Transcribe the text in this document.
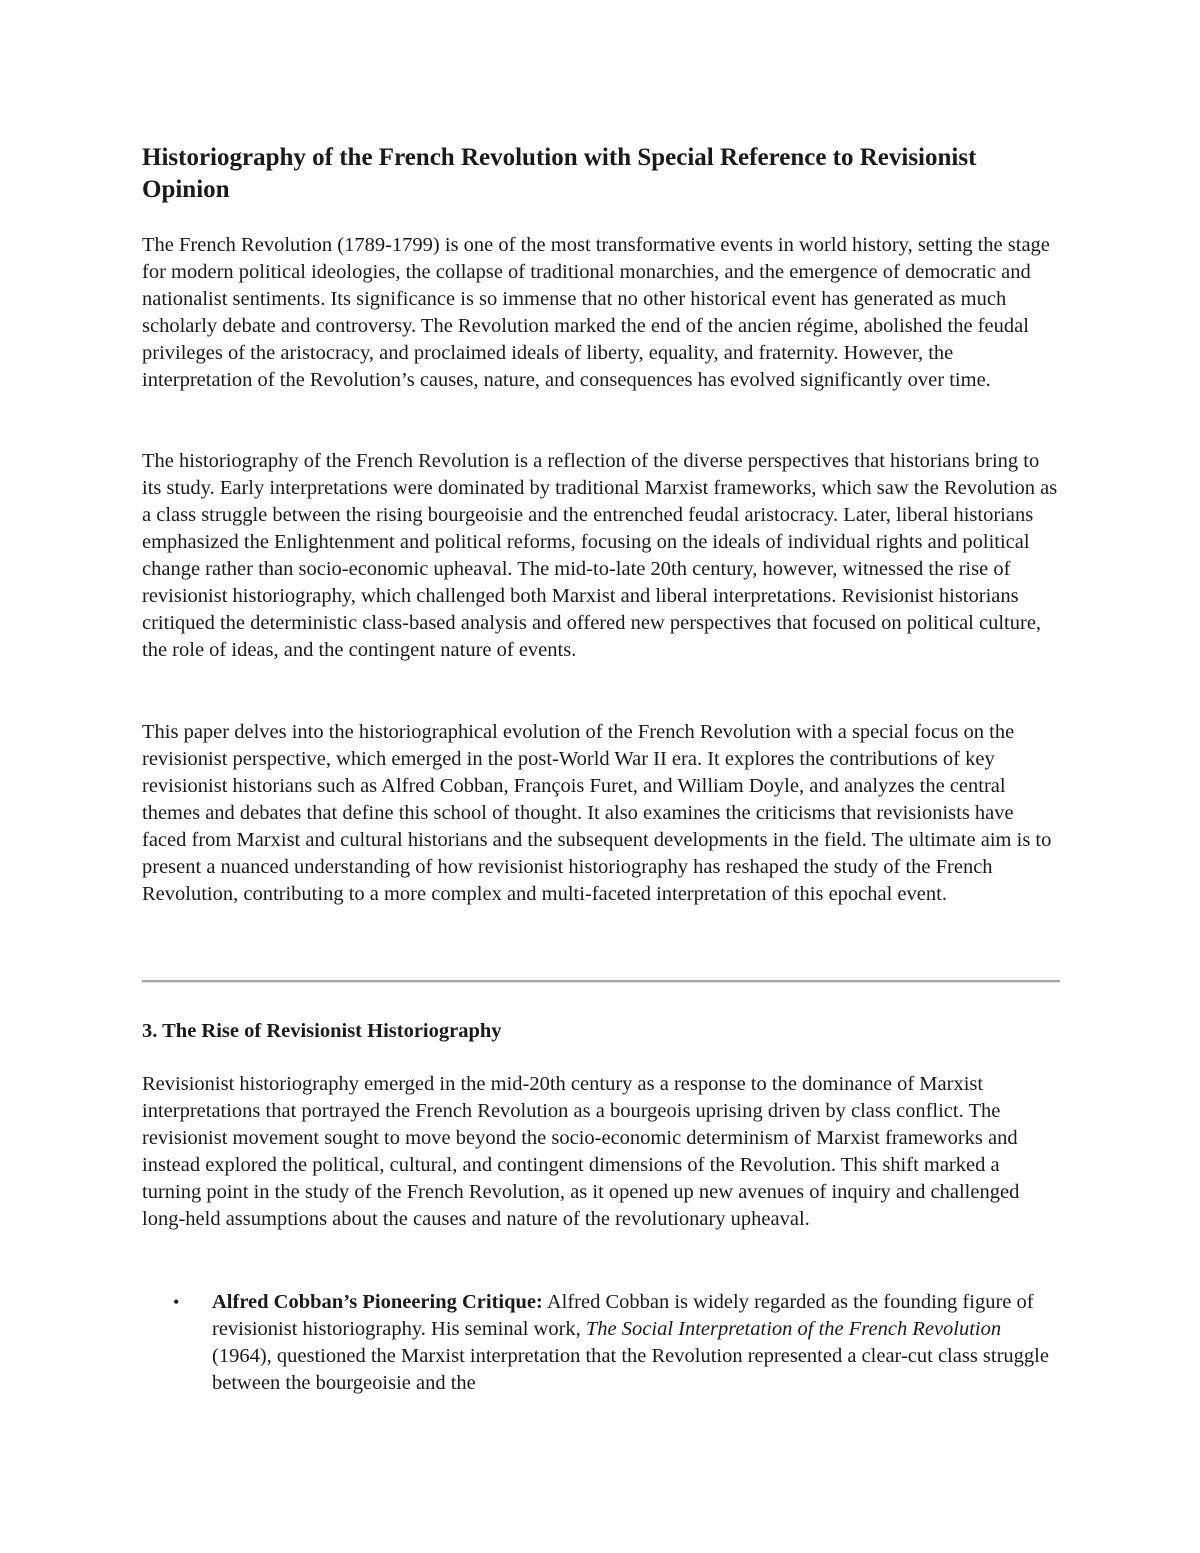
Historiography of the French Revolution with Special Reference to Revisionist Opinion

The French Revolution (1789-1799) is one of the most transformative events in world history, setting the stage for modern political ideologies, the collapse of traditional monarchies, and the emergence of democratic and nationalist sentiments. Its significance is so immense that no other historical event has generated as much scholarly debate and controversy. The Revolution marked the end of the ancien régime, abolished the feudal privileges of the aristocracy, and proclaimed ideals of liberty, equality, and fraternity. However, the interpretation of the Revolution’s causes, nature, and consequences has evolved significantly over time.

The historiography of the French Revolution is a reflection of the diverse perspectives that historians bring to its study. Early interpretations were dominated by traditional Marxist frameworks, which saw the Revolution as a class struggle between the rising bourgeoisie and the entrenched feudal aristocracy. Later, liberal historians emphasized the Enlightenment and political reforms, focusing on the ideals of individual rights and political change rather than socio-economic upheaval. The mid-to-late 20th century, however, witnessed the rise of revisionist historiography, which challenged both Marxist and liberal interpretations. Revisionist historians critiqued the deterministic class-based analysis and offered new perspectives that focused on political culture, the role of ideas, and the contingent nature of events.

This paper delves into the historiographical evolution of the French Revolution with a special focus on the revisionist perspective, which emerged in the post-World War II era. It explores the contributions of key revisionist historians such as Alfred Cobban, François Furet, and William Doyle, and analyzes the central themes and debates that define this school of thought. It also examines the criticisms that revisionists have faced from Marxist and cultural historians and the subsequent developments in the field. The ultimate aim is to present a nuanced understanding of how revisionist historiography has reshaped the study of the French Revolution, contributing to a more complex and multi-faceted interpretation of this epochal event.

3. The Rise of Revisionist Historiography

Revisionist historiography emerged in the mid-20th century as a response to the dominance of Marxist interpretations that portrayed the French Revolution as a bourgeois uprising driven by class conflict. The revisionist movement sought to move beyond the socio-economic determinism of Marxist frameworks and instead explored the political, cultural, and contingent dimensions of the Revolution. This shift marked a turning point in the study of the French Revolution, as it opened up new avenues of inquiry and challenged long-held assumptions about the causes and nature of the revolutionary upheaval.

• Alfred Cobban’s Pioneering Critique: Alfred Cobban is widely regarded as the founding figure of revisionist historiography. His seminal work, The Social Interpretation of the French Revolution (1964), questioned the Marxist interpretation that the Revolution represented a clear-cut class struggle between the bourgeoisie and the
